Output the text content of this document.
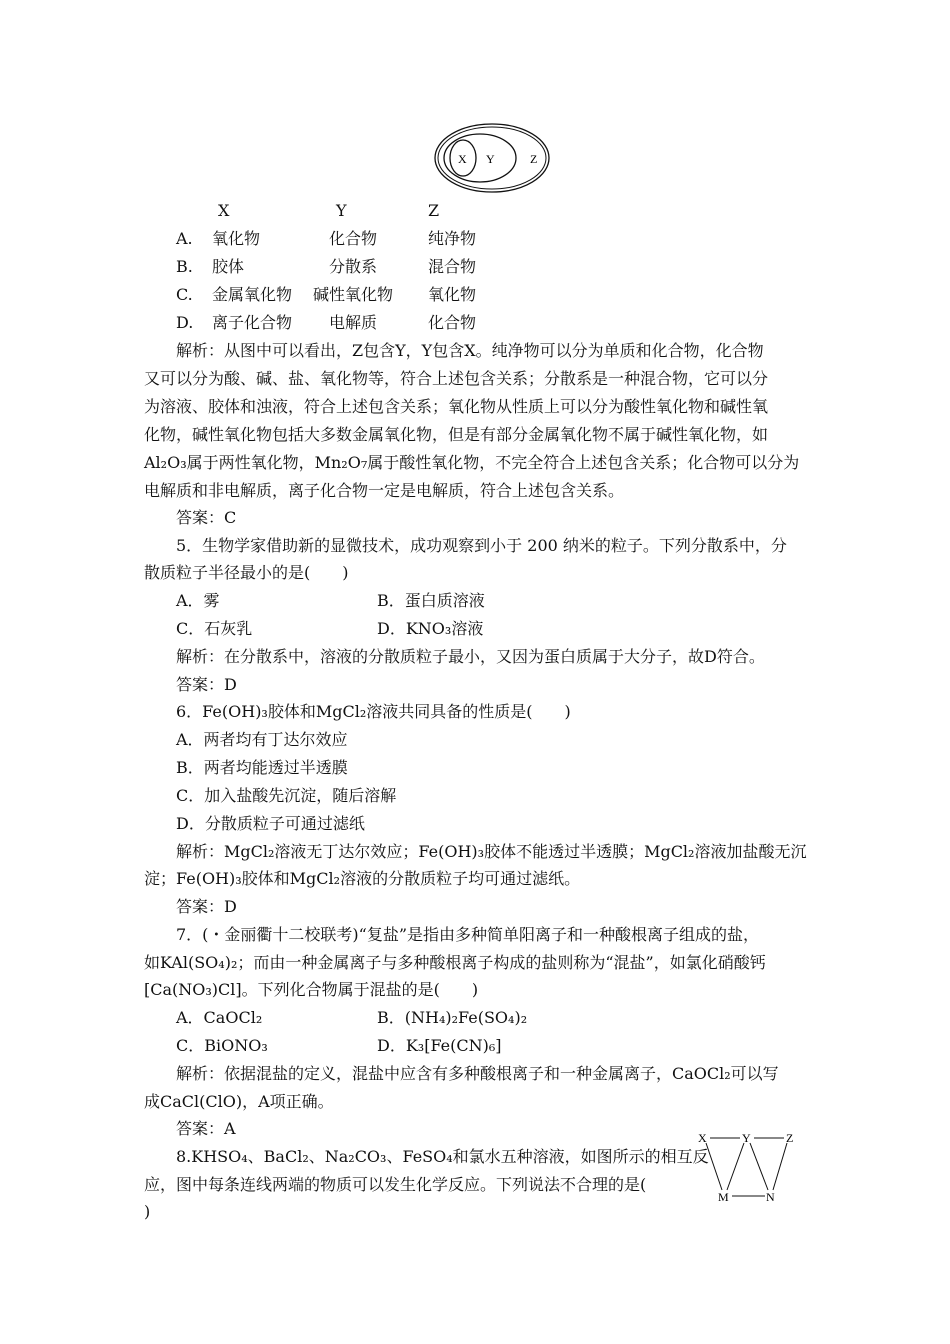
X Y	Z
X	Y	Z
A. 氧化物	化合物	纯净物
B. 胶体	分散系	混合物
C. 金属氧化物 碱性氧化物 氧化物
D. 离子化合物 电解质	化合物
解析：从图中可以看出，Z包含Y，Y包含X。纯净物可以分为单质和化合物，化合物
又可以分为酸、碱、盐、氧化物等，符合上述包含关系；分散系是一种混合物，它可以分
为溶液、胶体和浊液，符合上述包含关系；氧化物从性质上可以分为酸性氧化物和碱性氧
化物，碱性氧化物包括大多数金属氧化物，但是有部分金属氧化物不属于碱性氧化物，如
Al₂O₃属于两性氧化物，Mn₂O₇属于酸性氧化物，不完全符合上述包含关系；化合物可以分为
电解质和非电解质，离子化合物一定是电解质，符合上述包含关系。
答案：C
5．生物学家借助新的显微技术，成功观察到小于 200 纳米的粒子。下列分散系中，分
散质粒子半径最小的是(　　)
A．雾	B．蛋白质溶液
C．石灰乳	D．KNO₃溶液
解析：在分散系中，溶液的分散质粒子最小，又因为蛋白质属于大分子，故D符合。
答案：D
6．Fe(OH)₃胶体和MgCl₂溶液共同具备的性质是(　　)
A．两者均有丁达尔效应
B．两者均能透过半透膜
C．加入盐酸先沉淀，随后溶解
D．分散质粒子可通过滤纸
解析：MgCl₂溶液无丁达尔效应；Fe(OH)₃胶体不能透过半透膜；MgCl₂溶液加盐酸无沉
淀；Fe(OH)₃胶体和MgCl₂溶液的分散质粒子均可通过滤纸。
答案：D
7．(・金丽衢十二校联考)“复盐”是指由多种简单阳离子和一种酸根离子组成的盐，
如KAl(SO₄)₂；而由一种金属离子与多种酸根离子构成的盐则称为“混盐”，如氯化硝酸钙
[Ca(NO₃)Cl]。下列化合物属于混盐的是(　　)
A．CaOCl₂	B．(NH₄)₂Fe(SO₄)₂
C．BiONO₃	D．K₃[Fe(CN)₆]
解析：依据混盐的定义，混盐中应含有多种酸根离子和一种金属离子，CaOCl₂可以写
成CaCl(ClO)，A项正确。
答案：A
8.KHSO₄、BaCl₂、Na₂CO₃、FeSO₄和氯水五种溶液，如图所示的相互反
应，图中每条连线两端的物质可以发生化学反应。下列说法不合理的是(
)
X	Y	Z
M	N
